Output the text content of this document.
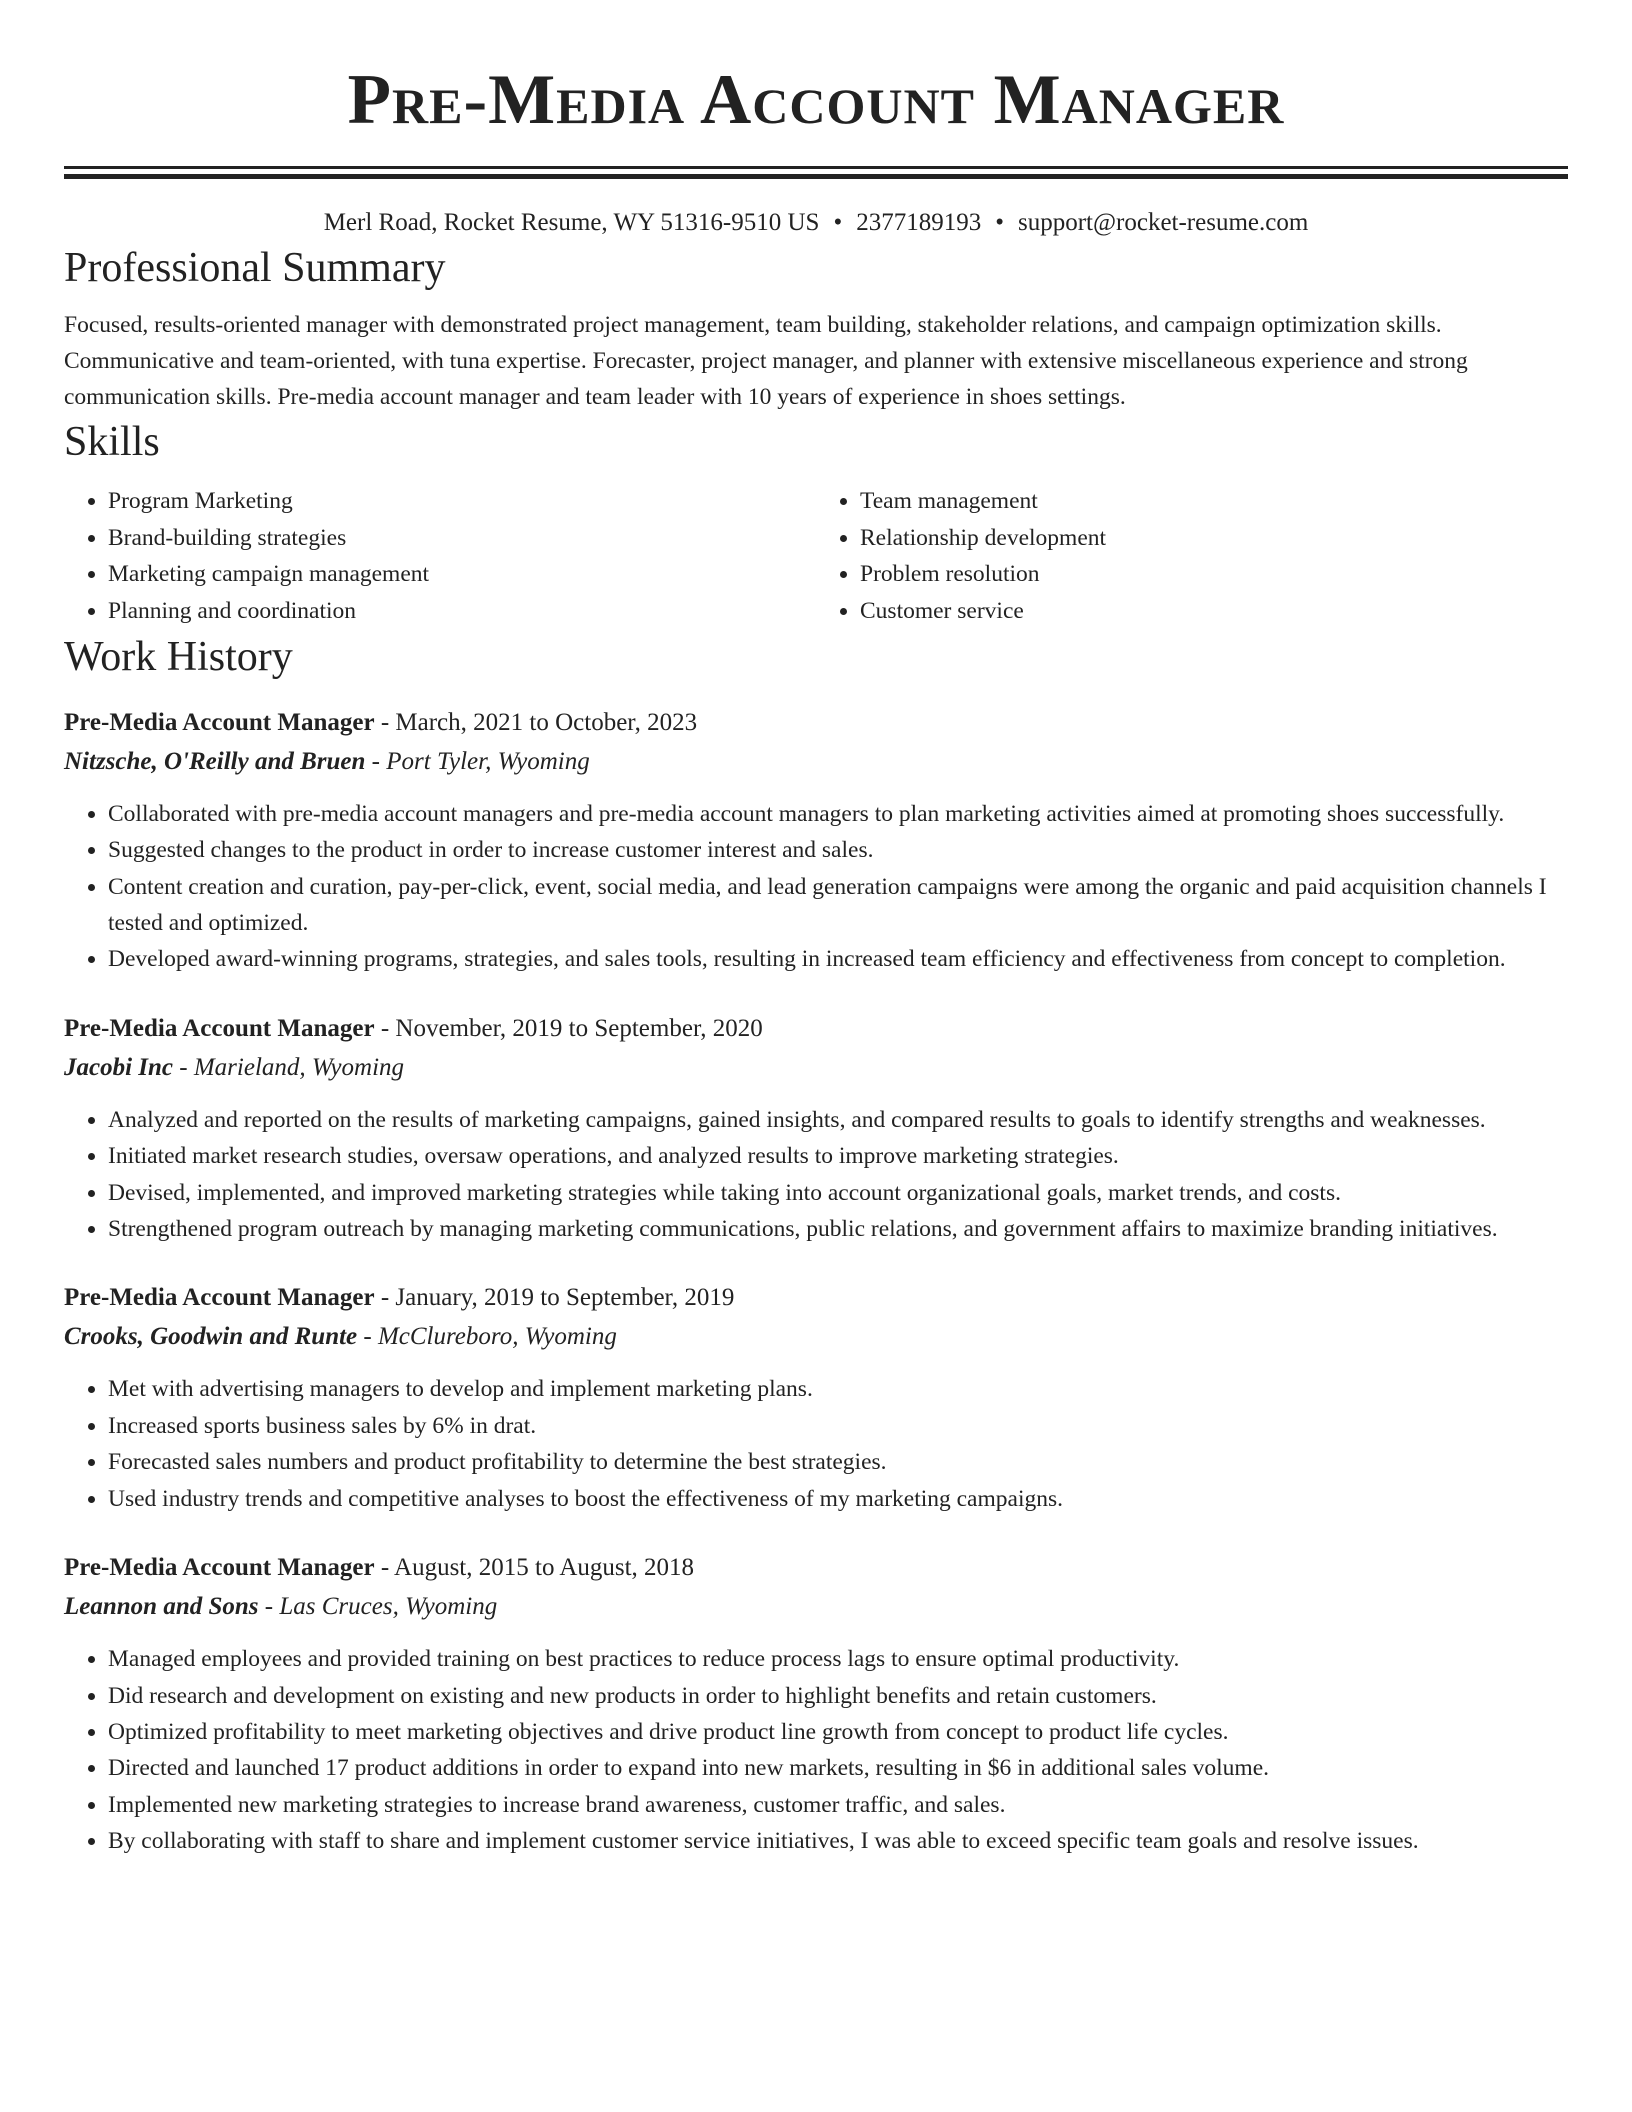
Pre-Media Account Manager
Merl Road, Rocket Resume, WY 51316-9510 US • 2377189193 • support@rocket-resume.com
Professional Summary

Focused, results-oriented manager with demonstrated project management, team building, stakeholder relations, and campaign optimization skills. Communicative and team-oriented, with tuna expertise. Forecaster, project manager, and planner with extensive miscellaneous experience and strong communication skills. Pre-media account manager and team leader with 10 years of experience in shoes settings.

Skills
• Program Marketing
• Brand-building strategies
• Marketing campaign management
• Planning and coordination
• Team management
• Relationship development
• Problem resolution
• Customer service
Work History
Pre-Media Account Manager - March, 2021 to October, 2023
Nitzsche, O'Reilly and Bruen - Port Tyler, Wyoming
• Collaborated with pre-media account managers and pre-media account managers to plan marketing activities aimed at promoting shoes successfully.
• Suggested changes to the product in order to increase customer interest and sales.
• Content creation and curation, pay-per-click, event, social media, and lead generation campaigns were among the organic and paid acquisition channels I tested and optimized.
• Developed award-winning programs, strategies, and sales tools, resulting in increased team efficiency and effectiveness from concept to completion.
Pre-Media Account Manager - November, 2019 to September, 2020
Jacobi Inc - Marieland, Wyoming
• Analyzed and reported on the results of marketing campaigns, gained insights, and compared results to goals to identify strengths and weaknesses.
• Initiated market research studies, oversaw operations, and analyzed results to improve marketing strategies.
• Devised, implemented, and improved marketing strategies while taking into account organizational goals, market trends, and costs.
• Strengthened program outreach by managing marketing communications, public relations, and government affairs to maximize branding initiatives.
Pre-Media Account Manager - January, 2019 to September, 2019
Crooks, Goodwin and Runte - McClureboro, Wyoming
• Met with advertising managers to develop and implement marketing plans.
• Increased sports business sales by 6% in drat.
• Forecasted sales numbers and product profitability to determine the best strategies.
• Used industry trends and competitive analyses to boost the effectiveness of my marketing campaigns.
Pre-Media Account Manager - August, 2015 to August, 2018
Leannon and Sons - Las Cruces, Wyoming
• Managed employees and provided training on best practices to reduce process lags to ensure optimal productivity.
• Did research and development on existing and new products in order to highlight benefits and retain customers.
• Optimized profitability to meet marketing objectives and drive product line growth from concept to product life cycles.
• Directed and launched 17 product additions in order to expand into new markets, resulting in $6 in additional sales volume.
• Implemented new marketing strategies to increase brand awareness, customer traffic, and sales.
• By collaborating with staff to share and implement customer service initiatives, I was able to exceed specific team goals and resolve issues.
